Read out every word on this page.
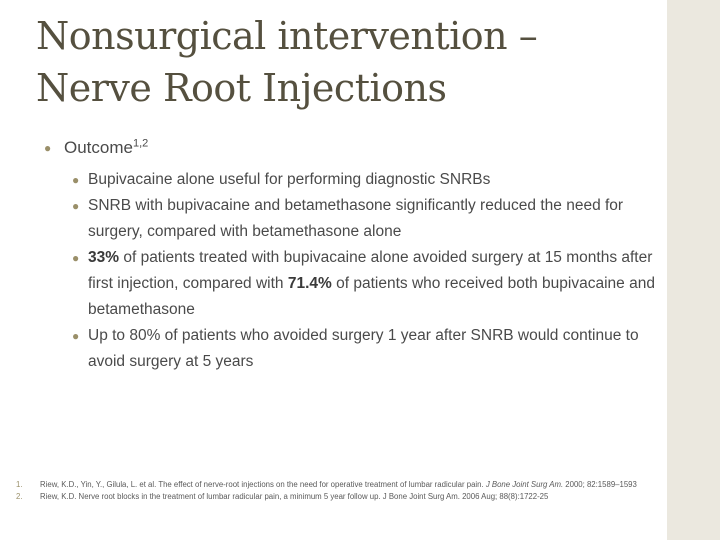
Nonsurgical intervention –
Nerve Root Injections
● Outcome$^{1,2}$
● Bupivacaine alone useful for performing diagnostic SNRBs
● SNRB with bupivacaine and betamethasone significantly reduced the need for surgery, compared with betamethasone alone
● 33% of patients treated with bupivacaine alone avoided surgery at 15 months after first injection, compared with 71.4% of patients who received both bupivacaine and betamethasone
● Up to 80% of patients who avoided surgery 1 year after SNRB would continue to avoid surgery at 5 years
1. Riew, K.D., Yin, Y., Gilula, L. et al. The effect of nerve-root injections on the need for operative treatment of lumbar radicular pain. J Bone Joint Surg Am. 2000; 82:1589–1593
2. Riew, K.D. Nerve root blocks in the treatment of lumbar radicular pain, a minimum 5 year follow up. J Bone Joint Surg Am. 2006 Aug; 88(8):1722-25
